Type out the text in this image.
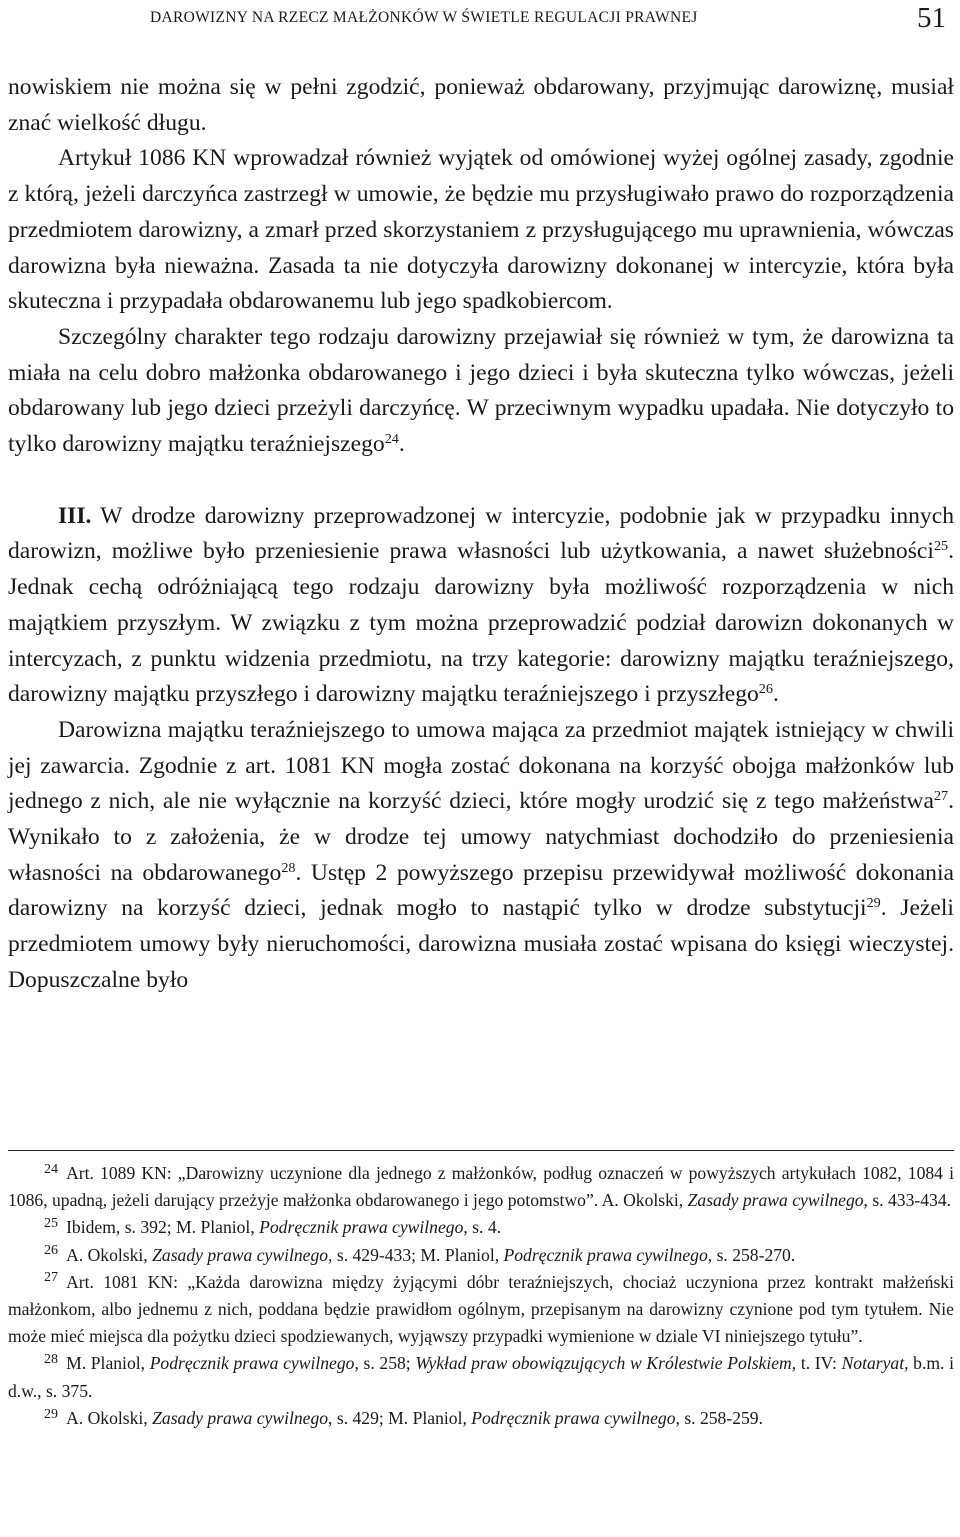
DAROWIZNY NA RZECZ MAŁŻONKÓW W ŚWIETLE REGULACJI PRAWNEJ	51

nowiskiem nie można się w pełni zgodzić, ponieważ obdarowany, przyjmując darowiznę, musiał znać wielkość długu.

Artykuł 1086 KN wprowadzał również wyjątek od omówionej wyżej ogólnej zasady, zgodnie z którą, jeżeli darczyńca zastrzegł w umowie, że będzie mu przysługiwało prawo do rozporządzenia przedmiotem darowizny, a zmarł przed skorzystaniem z przysługującego mu uprawnienia, wówczas darowizna była nieważna. Zasada ta nie dotyczyła darowizny dokonanej w intercyzie, która była skuteczna i przypadała obdarowanemu lub jego spadkobiercom.

Szczególny charakter tego rodzaju darowizny przejawiał się również w tym, że darowizna ta miała na celu dobro małżonka obdarowanego i jego dzieci i była skuteczna tylko wówczas, jeżeli obdarowany lub jego dzieci przeżyli darczyńcę. W przeciwnym wypadku upadała. Nie dotyczyło to tylko darowizny majątku teraźniejszego$^{24}$.

III. W drodze darowizny przeprowadzonej w intercyzie, podobnie jak w przypadku innych darowizn, możliwe było przeniesienie prawa własności lub użytkowania, a nawet służebności$^{25}$. Jednak cechą odróżniającą tego rodzaju darowizny była możliwość rozporządzenia w nich majątkiem przyszłym. W związku z tym można przeprowadzić podział darowizn dokonanych w intercyzach, z punktu widzenia przedmiotu, na trzy kategorie: darowizny majątku teraźniejszego, darowizny majątku przyszłego i darowizny majątku teraźniejszego i przyszłego$^{26}$.

Darowizna majątku teraźniejszego to umowa mająca za przedmiot majątek istniejący w chwili jej zawarcia. Zgodnie z art. 1081 KN mogła zostać dokonana na korzyść obojga małżonków lub jednego z nich, ale nie wyłącznie na korzyść dzieci, które mogły urodzić się z tego małżeństwa$^{27}$. Wynikało to z założenia, że w drodze tej umowy natychmiast dochodziło do przeniesienia własności na obdarowanego$^{28}$. Ustęp 2 powyższego przepisu przewidywał możliwość dokonania darowizny na korzyść dzieci, jednak mogło to nastąpić tylko w drodze substytucji$^{29}$. Jeżeli przedmiotem umowy były nieruchomości, darowizna musiała zostać wpisana do księgi wieczystej. Dopuszczalne było

$^{24}$ Art. 1089 KN: „Darowizny uczynione dla jednego z małżonków, podług oznaczeń w powyższych artykułach 1082, 1084 i 1086, upadną, jeżeli darujący przeżyje małżonka obdarowanego i jego potomstwo”. A. Okolski, Zasady prawa cywilnego, s. 433-434.

$^{25}$ Ibidem, s. 392; M. Planiol, Podręcznik prawa cywilnego, s. 4.

$^{26}$ A. Okolski, Zasady prawa cywilnego, s. 429-433; M. Planiol, Podręcznik prawa cywilnego, s. 258-270.

$^{27}$ Art. 1081 KN: „Każda darowizna między żyjącymi dóbr teraźniejszych, chociaż uczyniona przez kontrakt małżeński małżonkom, albo jednemu z nich, poddana będzie prawidłom ogólnym, przepisanym na darowizny czynione pod tym tytułem. Nie może mieć miejsca dla pożytku dzieci spodziewanych, wyjąwszy przypadki wymienione w dziale VI niniejszego tytułu”.

$^{28}$ M. Planiol, Podręcznik prawa cywilnego, s. 258; Wykład praw obowiązujących w Królestwie Polskiem, t. IV: Notaryat, b.m. i d.w., s. 375.

$^{29}$ A. Okolski, Zasady prawa cywilnego, s. 429; M. Planiol, Podręcznik prawa cywilnego, s. 258-259.
